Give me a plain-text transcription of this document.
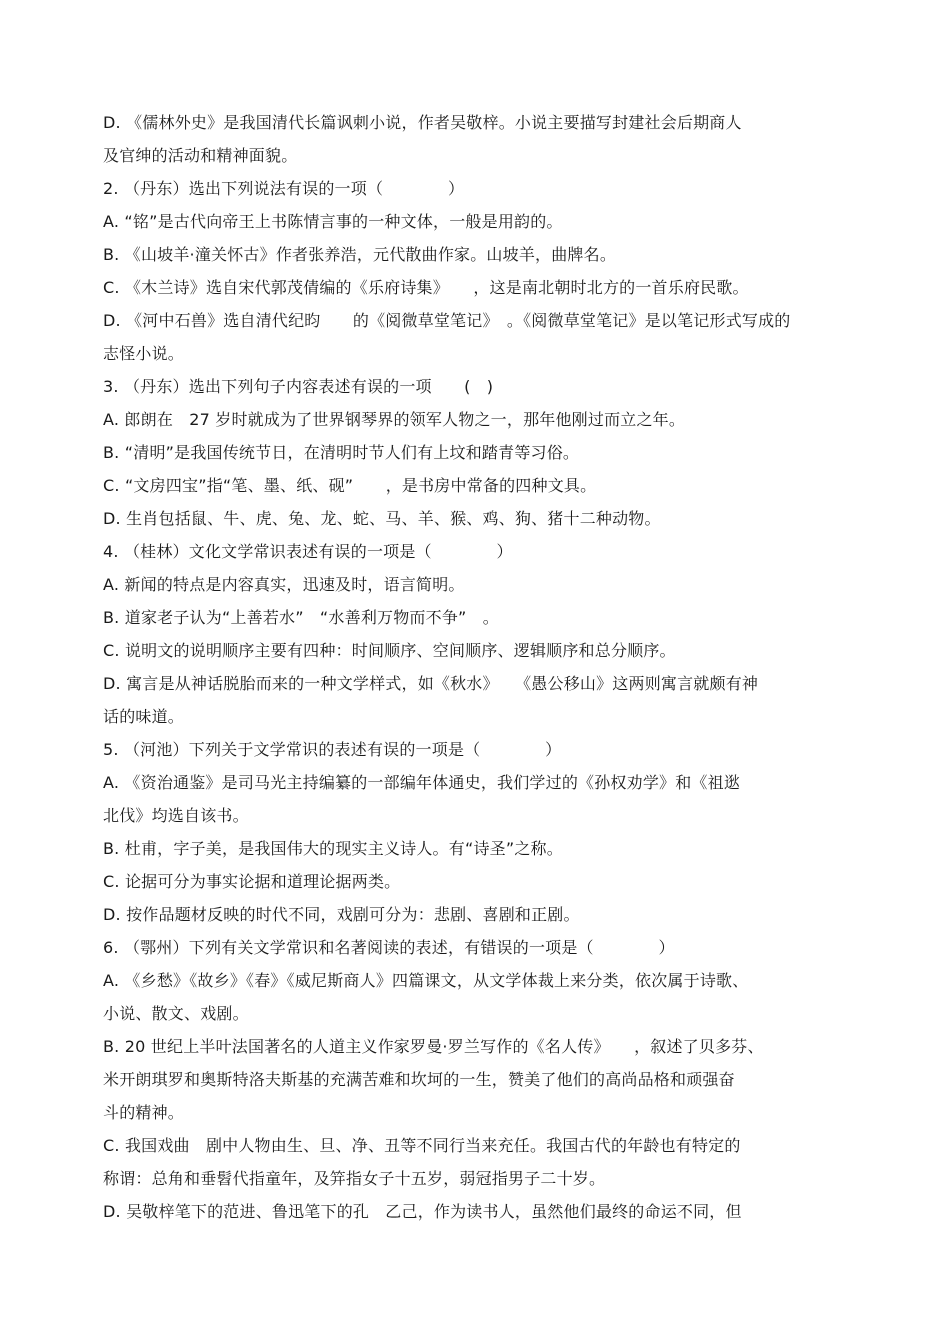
D. 《儒林外史》是我国清代长篇讽刺小说，作者吴敬梓。小说主要描写封建社会后期商人
及官绅的活动和精神面貌。
2. （丹东）选出下列说法有误的一项（　　　　）
A. “铭”是古代向帝王上书陈情言事的一种文体，一般是用韵的。
B. 《山坡羊·潼关怀古》作者张养浩，元代散曲作家。山坡羊，曲牌名。
C. 《木兰诗》选自宋代郭茂倩编的《乐府诗集》　　，这是南北朝时北方的一首乐府民歌。
D. 《河中石兽》选自清代纪昀　　的《阅微草堂笔记》　。《阅微草堂笔记》是以笔记形式写成的
志怪小说。
3. （丹东）选出下列句子内容表述有误的一项　　(　)
A. 郎朗在　27 岁时就成为了世界钢琴界的领军人物之一，那年他刚过而立之年。
B. “清明”是我国传统节日，在清明时节人们有上坟和踏青等习俗。
C. “文房四宝”指“笔、墨、纸、砚”　　，是书房中常备的四种文具。
D. 生肖包括鼠、牛、虎、兔、龙、蛇、马、羊、猴、鸡、狗、猪十二种动物。
4. （桂林）文化文学常识表述有误的一项是（　　　　）
A. 新闻的特点是内容真实，迅速及时，语言简明。
B. 道家老子认为“上善若水”　“水善利万物而不争”　。
C. 说明文的说明顺序主要有四种：时间顺序、空间顺序、逻辑顺序和总分顺序。
D. 寓言是从神话脱胎而来的一种文学样式，如《秋水》　　《愚公移山》这两则寓言就颇有神
话的味道。
5. （河池）下列关于文学常识的表述有误的一项是（　　　　）
A. 《资治通鉴》是司马光主持编纂的一部编年体通史，我们学过的《孙权劝学》和《祖逖
北伐》均选自该书。
B. 杜甫，字子美，是我国伟大的现实主义诗人。有“诗圣”之称。
C. 论据可分为事实论据和道理论据两类。
D. 按作品题材反映的时代不同，戏剧可分为：悲剧、喜剧和正剧。
6. （鄂州）下列有关文学常识和名著阅读的表述，有错误的一项是（　　　　）
A. 《乡愁》《故乡》《春》《威尼斯商人》四篇课文，从文学体裁上来分类，依次属于诗歌、
小说、散文、戏剧。
B. 20 世纪上半叶法国著名的人道主义作家罗曼·罗兰写作的《名人传》　　，叙述了贝多芬、
米开朗琪罗和奥斯特洛夫斯基的充满苦难和坎坷的一生，赞美了他们的高尚品格和顽强奋
斗的精神。
C. 我国戏曲　剧中人物由生、旦、净、丑等不同行当来充任。我国古代的年龄也有特定的
称谓：总角和垂髫代指童年，及笄指女子十五岁，弱冠指男子二十岁。
D. 吴敬梓笔下的范进、鲁迅笔下的孔　乙己，作为读书人，虽然他们最终的命运不同，但
